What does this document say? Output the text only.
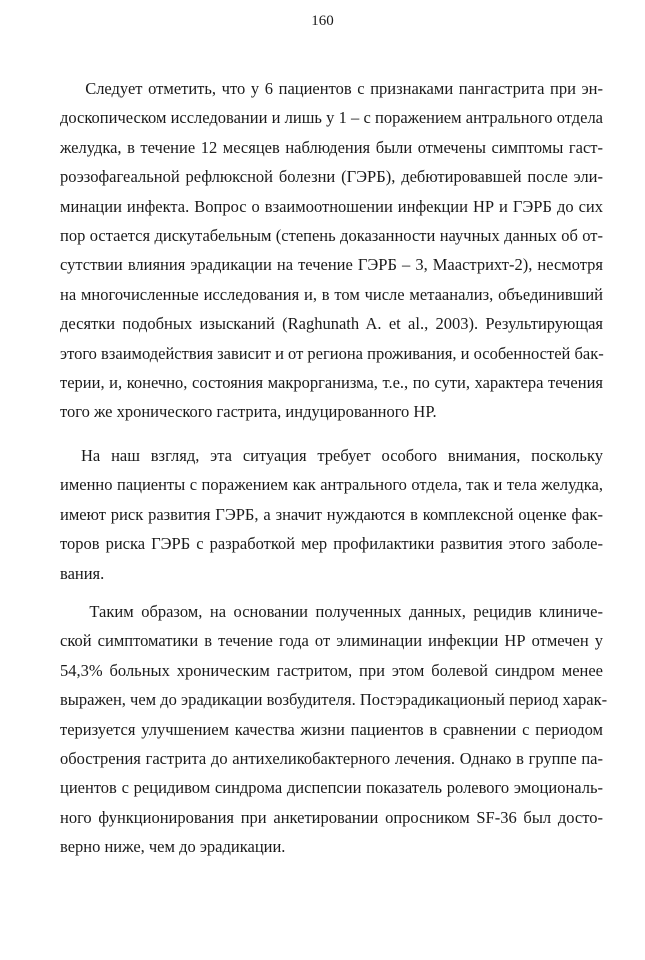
160
Следует отметить, что у 6 пациентов с признаками пангастрита при эн-
доскопическом исследовании и лишь у 1 – с поражением антрального отдела
желудка, в течение 12 месяцев наблюдения были отмечены симптомы гаст-
роэзофагеальной рефлюксной болезни (ГЭРБ), дебютировавшей после эли-
минации инфекта. Вопрос о взаимоотношении инфекции НР и ГЭРБ до сих
пор остается дискутабельным (степень доказанности научных данных об от-
сутствии влияния эрадикации на течение ГЭРБ – 3, Маастрихт-2), несмотря
на многочисленные исследования и, в том числе метаанализ, объединивший
десятки подобных изысканий (Raghunath A. et al., 2003). Результирующая
этого взаимодействия зависит и от региона проживания, и особенностей бак-
терии, и, конечно, состояния макрорганизма, т.е., по сути, характера течения
того же хронического гастрита, индуцированного НР.
На наш взгляд, эта ситуация требует особого внимания, поскольку
именно пациенты с поражением как антрального отдела, так и тела желудка,
имеют риск развития ГЭРБ, а значит нуждаются в комплексной оценке фак-
торов риска ГЭРБ с разработкой мер профилактики развития этого заболе-
вания.
Таким образом, на основании полученных данных, рецидив клиниче-
ской симптоматики в течение года от элиминации инфекции НР отмечен у
54,3% больных хроническим гастритом, при этом болевой синдром менее
выражен, чем до эрадикации возбудителя. Постэрадикационый период харак-
теризуется улучшением качества жизни пациентов в сравнении с периодом
обострения гастрита до антихеликобактерного лечения. Однако в группе па-
циентов с рецидивом синдрома диспепсии показатель ролевого эмоциональ-
ного функционирования при анкетировании опросником SF-36 был досто-
верно ниже, чем до эрадикации.
